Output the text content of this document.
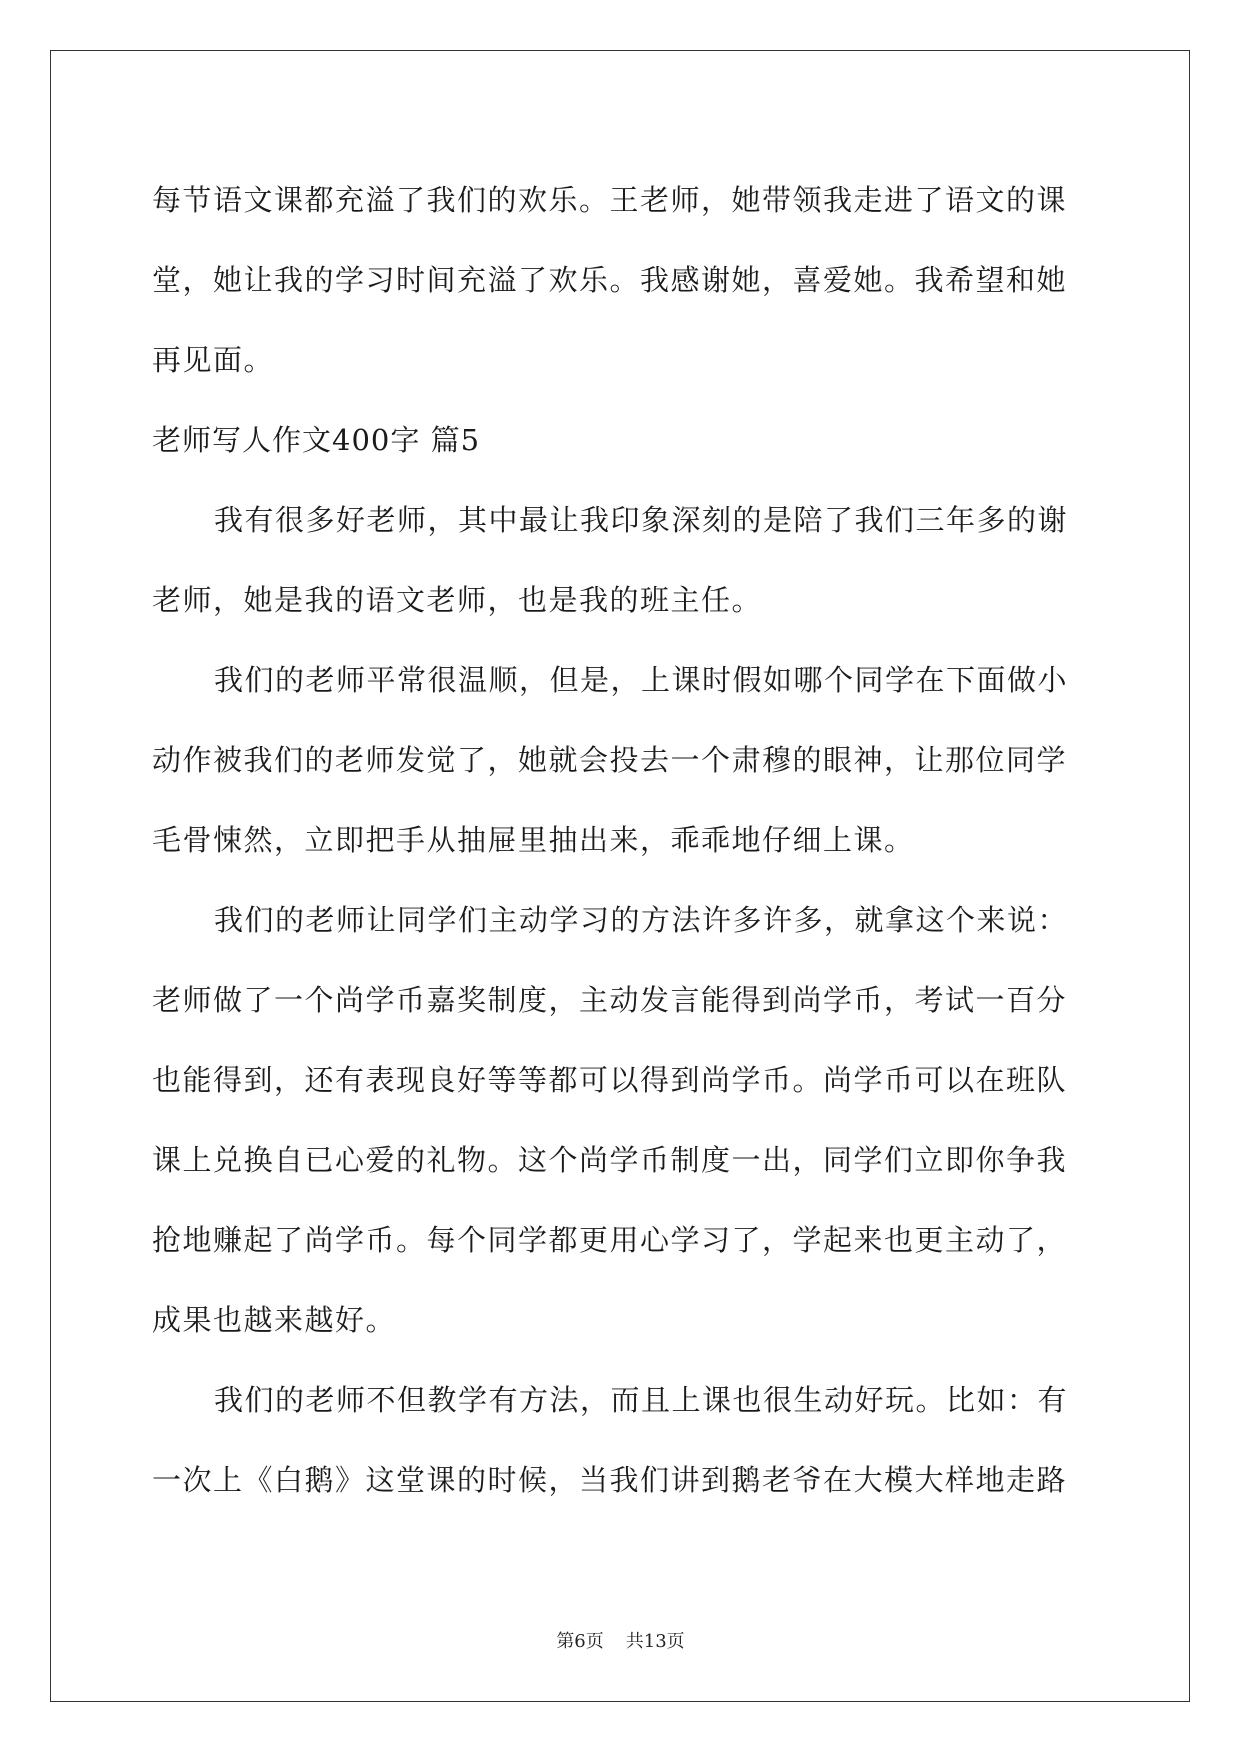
每节语文课都充溢了我们的欢乐。王老师，她带领我走进了语文的课
堂，她让我的学习时间充溢了欢乐。我感谢她，喜爱她。我希望和她
再见面。
老师写人作文400字 篇5
我有很多好老师，其中最让我印象深刻的是陪了我们三年多的谢
老师，她是我的语文老师，也是我的班主任。
我们的老师平常很温顺，但是，上课时假如哪个同学在下面做小
动作被我们的老师发觉了，她就会投去一个肃穆的眼神，让那位同学
毛骨悚然，立即把手从抽屉里抽出来，乖乖地仔细上课。
我们的老师让同学们主动学习的方法许多许多，就拿这个来说：
老师做了一个尚学币嘉奖制度，主动发言能得到尚学币，考试一百分
也能得到，还有表现良好等等都可以得到尚学币。尚学币可以在班队
课上兑换自已心爱的礼物。这个尚学币制度一出，同学们立即你争我
抢地赚起了尚学币。每个同学都更用心学习了，学起来也更主动了，
成果也越来越好。
我们的老师不但教学有方法，而且上课也很生动好玩。比如：有
一次上《白鹅》这堂课的时候，当我们讲到鹅老爷在大模大样地走路
第6页 共13页
